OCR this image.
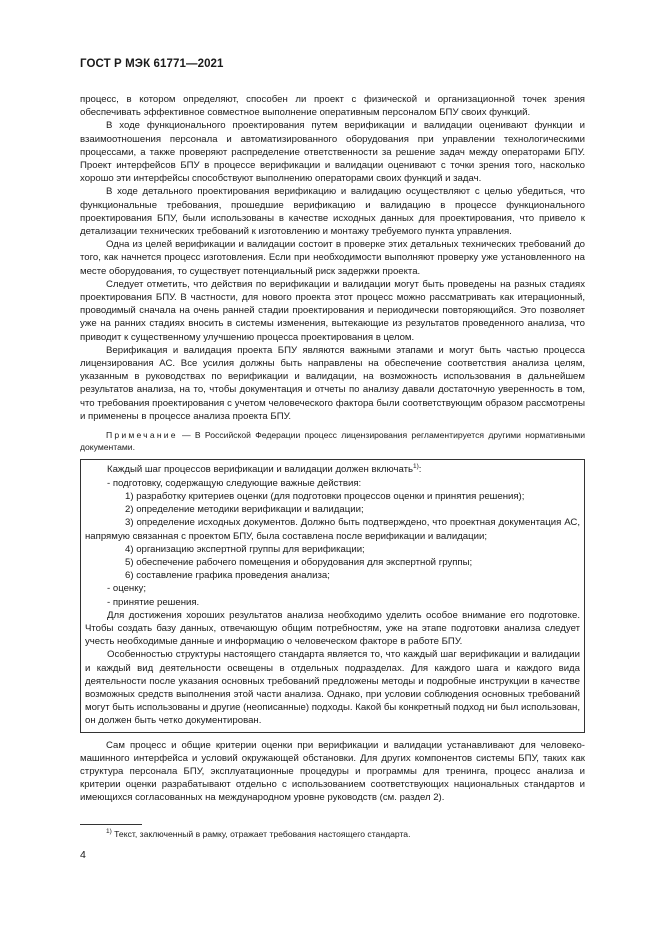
ГОСТ Р МЭК 61771—2021

процесс, в котором определяют, способен ли проект с физической и организационной точек зрения обеспечивать эффективное совместное выполнение оперативным персоналом БПУ своих функций.

В ходе функционального проектирования путем верификации и валидации оценивают функции и взаимоотношения персонала и автоматизированного оборудования при управлении технологическими процессами, а также проверяют распределение ответственности за решение задач между операторами БПУ. Проект интерфейсов БПУ в процессе верификации и валидации оценивают с точки зрения того, насколько хорошо эти интерфейсы способствуют выполнению операторами своих функций и задач.

В ходе детального проектирования верификацию и валидацию осуществляют с целью убедиться, что функциональные требования, прошедшие верификацию и валидацию в процессе функционального проектирования БПУ, были использованы в качестве исходных данных для проектирования, что привело к детализации технических требований к изготовлению и монтажу требуемого пункта управления.

Одна из целей верификации и валидации состоит в проверке этих детальных технических требований до того, как начнется процесс изготовления. Если при необходимости выполняют проверку уже установленного на месте оборудования, то существует потенциальный риск задержки проекта.

Следует отметить, что действия по верификации и валидации могут быть проведены на разных стадиях проектирования БПУ. В частности, для нового проекта этот процесс можно рассматривать как итерационный, проводимый сначала на очень ранней стадии проектирования и периодически повторяющийся. Это позволяет уже на ранних стадиях вносить в системы изменения, вытекающие из результатов проведенного анализа, что приводит к существенному улучшению процесса проектирования в целом.

Верификация и валидация проекта БПУ являются важными этапами и могут быть частью процесса лицензирования АС. Все усилия должны быть направлены на обеспечение соответствия анализа целям, указанным в руководствах по верификации и валидации, на возможность использования в дальнейшем результатов анализа, на то, чтобы документация и отчеты по анализу давали достаточную уверенность в том, что требования проектирования с учетом человеческого фактора были соответствующим образом рассмотрены и применены в процессе анализа проекта БПУ.

Примечание — В Российской Федерации процесс лицензирования регламентируется другими нормативными документами.

Каждый шаг процессов верификации и валидации должен включать$^{1)}$:

- подготовку, содержащую следующие важные действия:

1) разработку критериев оценки (для подготовки процессов оценки и принятия решения);

2) определение методики верификации и валидации;

3) определение исходных документов. Должно быть подтверждено, что проектная документация АС, напрямую связанная с проектом БПУ, была составлена после верификации и валидации;

4) организацию экспертной группы для верификации;

5) обеспечение рабочего помещения и оборудования для экспертной группы;

6) составление графика проведения анализа;

- оценку;

- принятие решения.

Для достижения хороших результатов анализа необходимо уделить особое внимание его подготовке. Чтобы создать базу данных, отвечающую общим потребностям, уже на этапе подготовки анализа следует учесть необходимые данные и информацию о человеческом факторе в работе БПУ.

Особенностью структуры настоящего стандарта является то, что каждый шаг верификации и валидации и каждый вид деятельности освещены в отдельных подразделах. Для каждого шага и каждого вида деятельности после указания основных требований предложены методы и подробные инструкции в качестве возможных средств выполнения этой части анализа. Однако, при условии соблюдения основных требований могут быть использованы и другие (неописанные) подходы. Какой бы конкретный подход ни был использован, он должен быть четко документирован.

Сам процесс и общие критерии оценки при верификации и валидации устанавливают для человеко-машинного интерфейса и условий окружающей обстановки. Для других компонентов системы БПУ, таких как структура персонала БПУ, эксплуатационные процедуры и программы для тренинга, процесс анализа и критерии оценки разрабатывают отдельно с использованием соответствующих национальных стандартов и имеющихся согласованных на международном уровне руководств (см. раздел 2).

$^{1)}$ Текст, заключенный в рамку, отражает требования настоящего стандарта.
4
